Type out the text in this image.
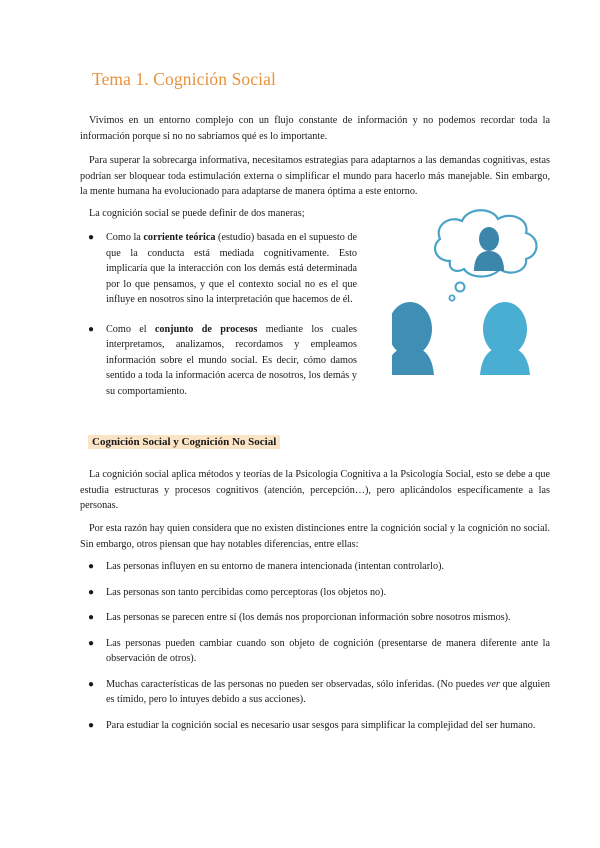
Tema 1. Cognición Social

Vivimos en un entorno complejo con un flujo constante de información y no podemos recordar toda la información porque si no no sabríamos qué es lo importante.

Para superar la sobrecarga informativa, necesitamos estrategias para adaptarnos a las demandas cognitivas, estas podrían ser bloquear toda estimulación externa o simplificar el mundo para hacerlo más manejable. Sin embargo, la mente humana ha evolucionado para adaptarse de manera óptima a este entorno.

La cognición social se puede definir de dos maneras;

● Como la corriente teórica (estudio) basada en el supuesto de que la conducta está mediada cognitivamente. Esto implicaría que la interacción con los demás está determinada por lo que pensamos, y que el contexto social no es el que influye en nosotros sino la interpretación que hacemos de él.
● Como el conjunto de procesos mediante los cuales interpretamos, analizamos, recordamos y empleamos información sobre el mundo social. Es decir, cómo damos sentido a toda la información acerca de nosotros, los demás y su comportamiento.
Cognición Social y Cognición No Social

La cognición social aplica métodos y teorías de la Psicología Cognitiva a la Psicología Social, esto se debe a que estudia estructuras y procesos cognitivos (atención, percepción…), pero aplicándolos específicamente a las personas.

Por esta razón hay quien considera que no existen distinciones entre la cognición social y la cognición no social. Sin embargo, otros piensan que hay notables diferencias, entre ellas:

● Las personas influyen en su entorno de manera intencionada (intentan controlarlo).
● Las personas son tanto percibidas como perceptoras (los objetos no).
● Las personas se parecen entre sí (los demás nos proporcionan información sobre nosotros mismos).
● Las personas pueden cambiar cuando son objeto de cognición (presentarse de manera diferente ante la observación de otros).
● Muchas características de las personas no pueden ser observadas, sólo inferidas. (No puedes ver que alguien es tímido, pero lo intuyes debido a sus acciones).
● Para estudiar la cognición social es necesario usar sesgos para simplificar la complejidad del ser humano.
